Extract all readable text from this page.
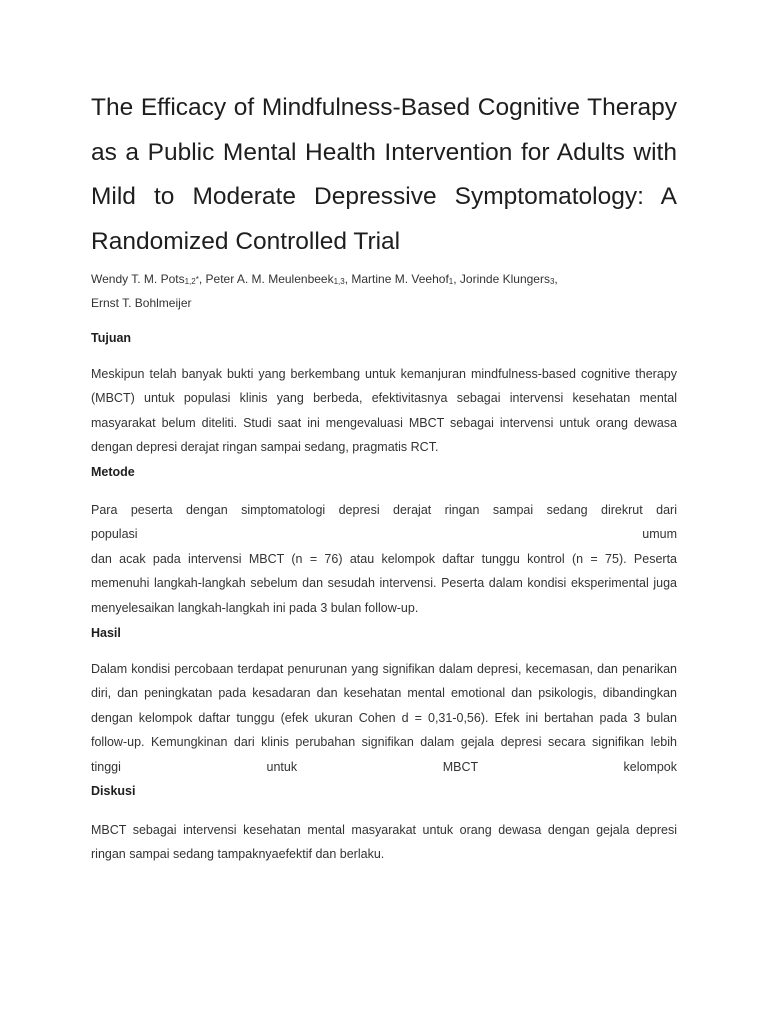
The Efficacy of Mindfulness-Based Cognitive Therapy as a Public Mental Health Intervention for Adults with Mild to Moderate Depressive Symptomatology: A Randomized Controlled Trial
Wendy T. M. Pots$_{1,2}$*, Peter A. M. Meulenbeek$_{1,3}$, Martine M. Veehof$_1$, Jorinde Klungers$_3$,
Ernst T. Bohlmeijer
Tujuan

Meskipun telah banyak bukti yang berkembang untuk kemanjuran mindfulness-based cognitive therapy (MBCT) untuk populasi klinis yang berbeda, efektivitasnya sebagai intervensi kesehatan mental masyarakat belum diteliti. Studi saat ini mengevaluasi MBCT sebagai intervensi untuk orang dewasa dengan depresi derajat ringan sampai sedang, pragmatis RCT.

Metode
Para peserta dengan simptomatologi depresi derajat ringan sampai sedang direkrut dari
populasi umum
dan acak pada intervensi MBCT (n = 76) atau kelompok daftar tunggu kontrol (n = 75). Peserta memenuhi langkah-langkah sebelum dan sesudah intervensi. Peserta dalam kondisi eksperimental juga menyelesaikan langkah-langkah ini pada 3 bulan follow-up.
Hasil

Dalam kondisi percobaan terdapat penurunan yang signifikan dalam depresi, kecemasan, dan penarikan diri, dan peningkatan pada kesadaran dan kesehatan mental emotional dan psikologis, dibandingkan dengan kelompok daftar tunggu (efek ukuran Cohen d = 0,31-0,56). Efek ini bertahan pada 3 bulan follow-up. Kemungkinan dari klinis perubahan signifikan dalam gejala depresi secara signifikan lebih tinggi untuk MBCT kelompok

Diskusi

MBCT sebagai intervensi kesehatan mental masyarakat untuk orang dewasa dengan gejala depresi ringan sampai sedang tampaknyaefektif dan berlaku.
